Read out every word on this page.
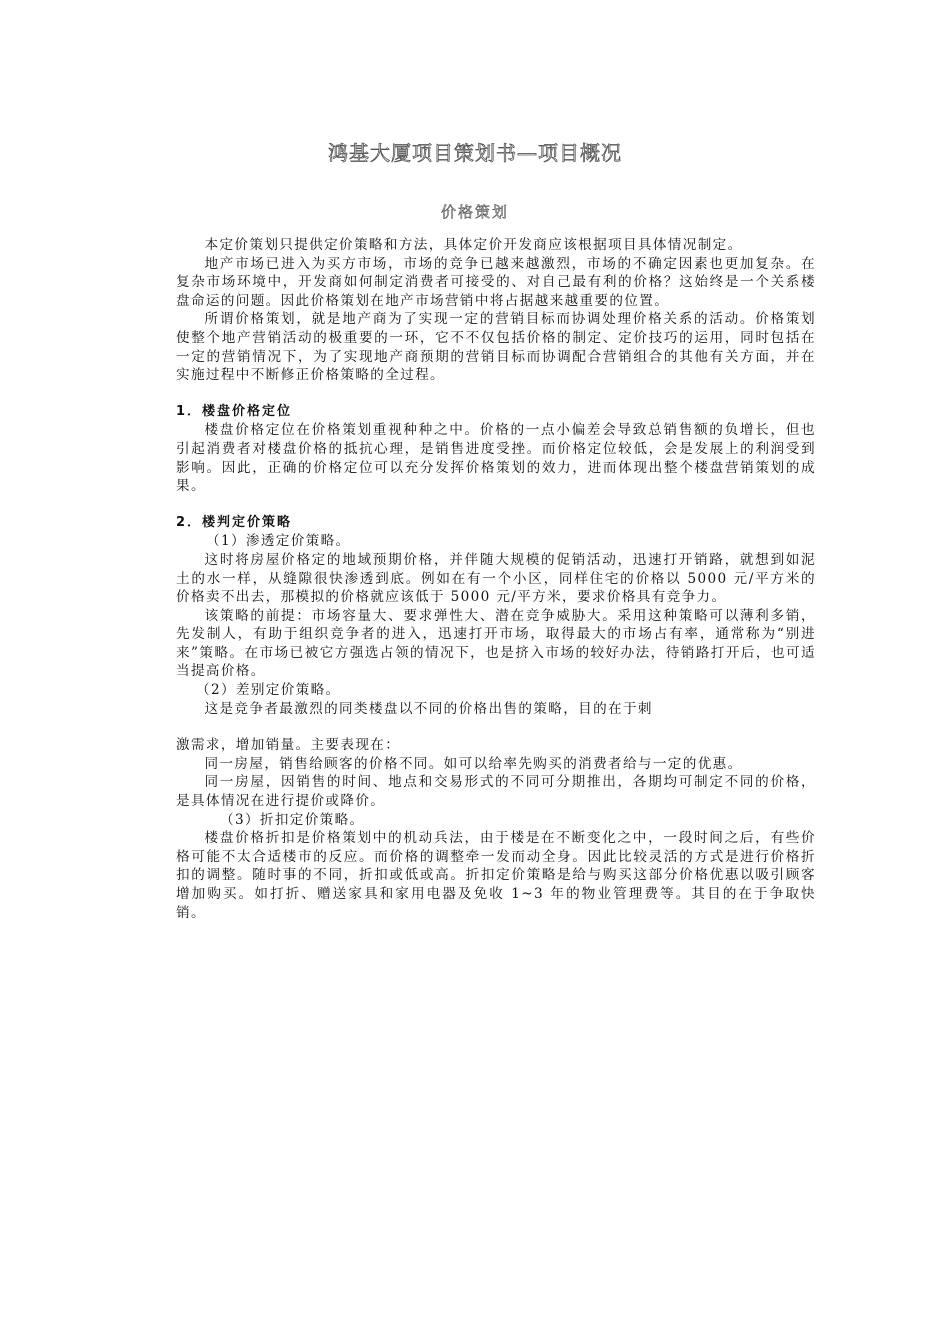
鸿基大厦项目策划书—项目概况
价格策划

本定价策划只提供定价策略和方法，具体定价开发商应该根据项目具体情况制定。

地产市场已进入为买方市场，市场的竞争已越来越激烈，市场的不确定因素也更加复杂。在复杂市场环境中，开发商如何制定消费者可接受的、对自己最有利的价格？这始终是一个关系楼盘命运的问题。因此价格策划在地产市场营销中将占据越来越重要的位置。

所谓价格策划，就是地产商为了实现一定的营销目标而协调处理价格关系的活动。价格策划使整个地产营销活动的极重要的一环，它不不仅包括价格的制定、定价技巧的运用，同时包括在一定的营销情况下，为了实现地产商预期的营销目标而协调配合营销组合的其他有关方面，并在实施过程中不断修正价格策略的全过程。

1．楼盘价格定位

楼盘价格定位在价格策划重视种种之中。价格的一点小偏差会导致总销售额的负增长，但也引起消费者对楼盘价格的抵抗心理，是销售进度受挫。而价格定位较低，会是发展上的利润受到影响。因此，正确的价格定位可以充分发挥价格策划的效力，进而体现出整个楼盘营销策划的成果。

2．楼判定价策略

（1）渗透定价策略。

这时将房屋价格定的地域预期价格，并伴随大规模的促销活动，迅速打开销路，就想到如泥土的水一样，从缝隙很快渗透到底。例如在有一个小区，同样住宅的价格以 5000 元/平方米的价格卖不出去，那模拟的价格就应该低于 5000 元/平方米，要求价格具有竞争力。

该策略的前提：市场容量大、要求弹性大、潜在竞争威胁大。采用这种策略可以薄利多销，先发制人，有助于组织竞争者的进入，迅速打开市场，取得最大的市场占有率，通常称为“别进来”策略。在市场已被它方强选占领的情况下，也是挤入市场的较好办法，待销路打开后，也可适当提高价格。

（2）差别定价策略。

这是竞争者最激烈的同类楼盘以不同的价格出售的策略，目的在于刺

激需求，增加销量。主要表现在：

同一房屋，销售给顾客的价格不同。如可以给率先购买的消费者给与一定的优惠。

同一房屋，因销售的时间、地点和交易形式的不同可分期推出，各期均可制定不同的价格，是具体情况在进行提价或降价。

（3）折扣定价策略。

楼盘价格折扣是价格策划中的机动兵法，由于楼是在不断变化之中，一段时间之后，有些价格可能不太合适楼市的反应。而价格的调整牵一发而动全身。因此比较灵活的方式是进行价格折扣的调整。随时事的不同，折扣或低或高。折扣定价策略是给与购买这部分价格优惠以吸引顾客增加购买。如打折、赠送家具和家用电器及免收 1~3 年的物业管理费等。其目的在于争取快销。
